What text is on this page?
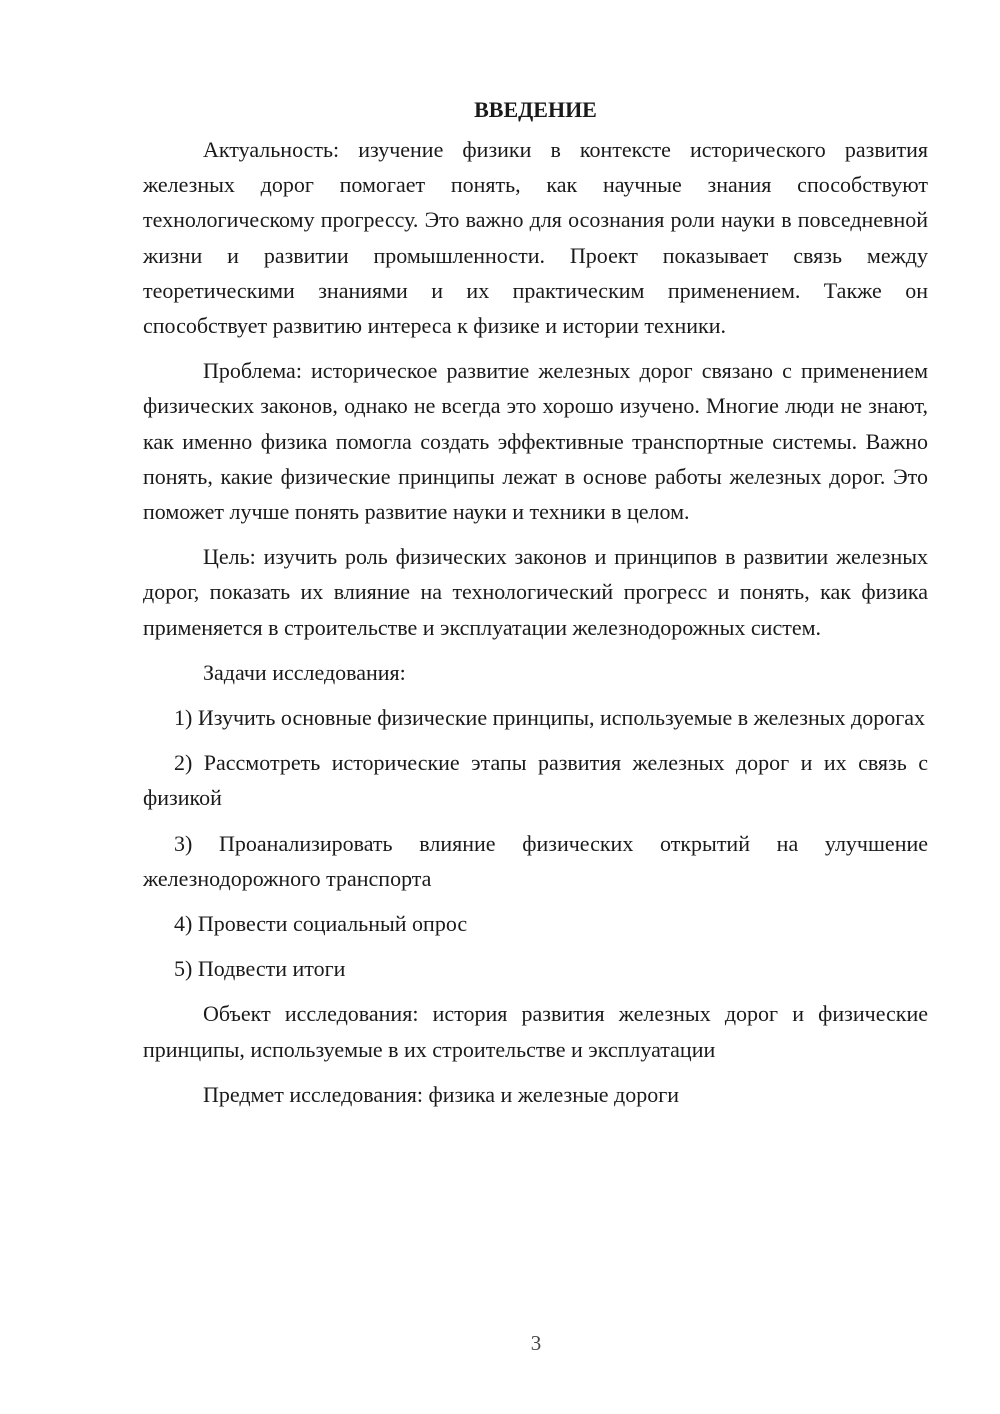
ВВЕДЕНИЕ

Актуальность: изучение физики в контексте исторического развития железных дорог помогает понять, как научные знания способствуют технологическому прогрессу. Это важно для осознания роли науки в повседневной жизни и развитии промышленности. Проект показывает связь между теоретическими знаниями и их практическим применением. Также он способствует развитию интереса к физике и истории техники.

Проблема: историческое развитие железных дорог связано с применением физических законов, однако не всегда это хорошо изучено. Многие люди не знают, как именно физика помогла создать эффективные транспортные системы. Важно понять, какие физические принципы лежат в основе работы железных дорог. Это поможет лучше понять развитие науки и техники в целом.

Цель: изучить роль физических законов и принципов в развитии железных дорог, показать их влияние на технологический прогресс и понять, как физика применяется в строительстве и эксплуатации железнодорожных систем.

Задачи исследования:

1) Изучить основные физические принципы, используемые в железных дорогах

2) Рассмотреть исторические этапы развития железных дорог и их связь с физикой

3) Проанализировать влияние физических открытий на улучшение железнодорожного транспорта

4) Провести социальный опрос

5) Подвести итоги

Объект исследования: история развития железных дорог и физические принципы, используемые в их строительстве и эксплуатации

Предмет исследования: физика и железные дороги

3
